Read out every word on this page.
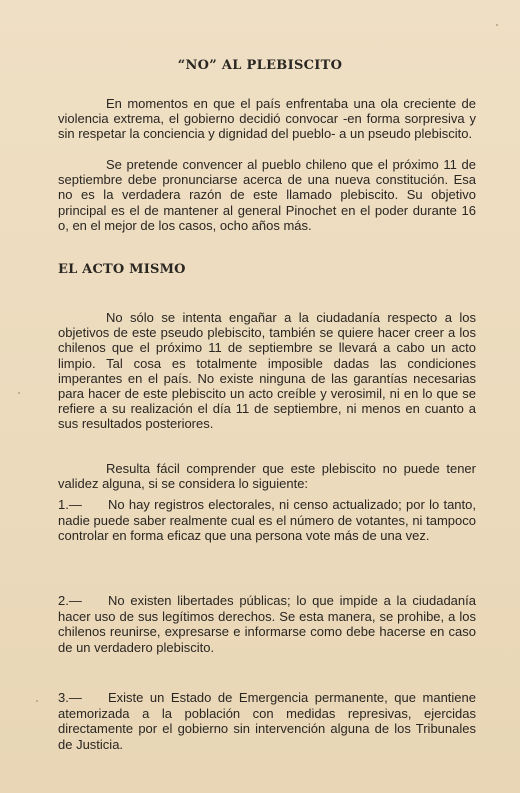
“NO” AL PLEBISCITO

En momentos en que el país enfrentaba una ola creciente de violencia extrema, el gobierno decidió convocar -en forma sorpresiva y sin respetar la conciencia y dignidad del pueblo- a un pseudo plebiscito.

Se pretende convencer al pueblo chileno que el próximo 11 de septiembre debe pronunciarse acerca de una nueva constitución. Esa no es la verdadera razón de este llamado plebiscito. Su objetivo principal es el de mantener al general Pinochet en el poder durante 16 o, en el mejor de los casos, ocho años más.

EL ACTO MISMO

No sólo se intenta engañar a la ciudadanía respecto a los objetivos de este pseudo plebiscito, también se quiere hacer creer a los chilenos que el próximo 11 de septiembre se llevará a cabo un acto limpio. Tal cosa es totalmente imposible dadas las condiciones imperantes en el país. No existe ninguna de las garantías necesarias para hacer de este plebiscito un acto creíble y verosimil, ni en lo que se refiere a su realización el día 11 de septiembre, ni menos en cuanto a sus resultados posteriores.

Resulta fácil comprender que este plebiscito no puede tener validez alguna, si se considera lo siguiente:

1.— No hay registros electorales, ni censo actualizado; por lo tanto, nadie puede saber realmente cual es el número de votantes, ni tampoco controlar en forma eficaz que una persona vote más de una vez.

2.— No existen libertades públicas; lo que impide a la ciudadanía hacer uso de sus legítimos derechos. Se esta manera, se prohibe, a los chilenos reunirse, expresarse e informarse como debe hacerse en caso de un verdadero plebiscito.

3.— Existe un Estado de Emergencia permanente, que mantiene atemorizada a la población con medidas represivas, ejercidas directamente por el gobierno sin intervención alguna de los Tribunales de Justicia.
